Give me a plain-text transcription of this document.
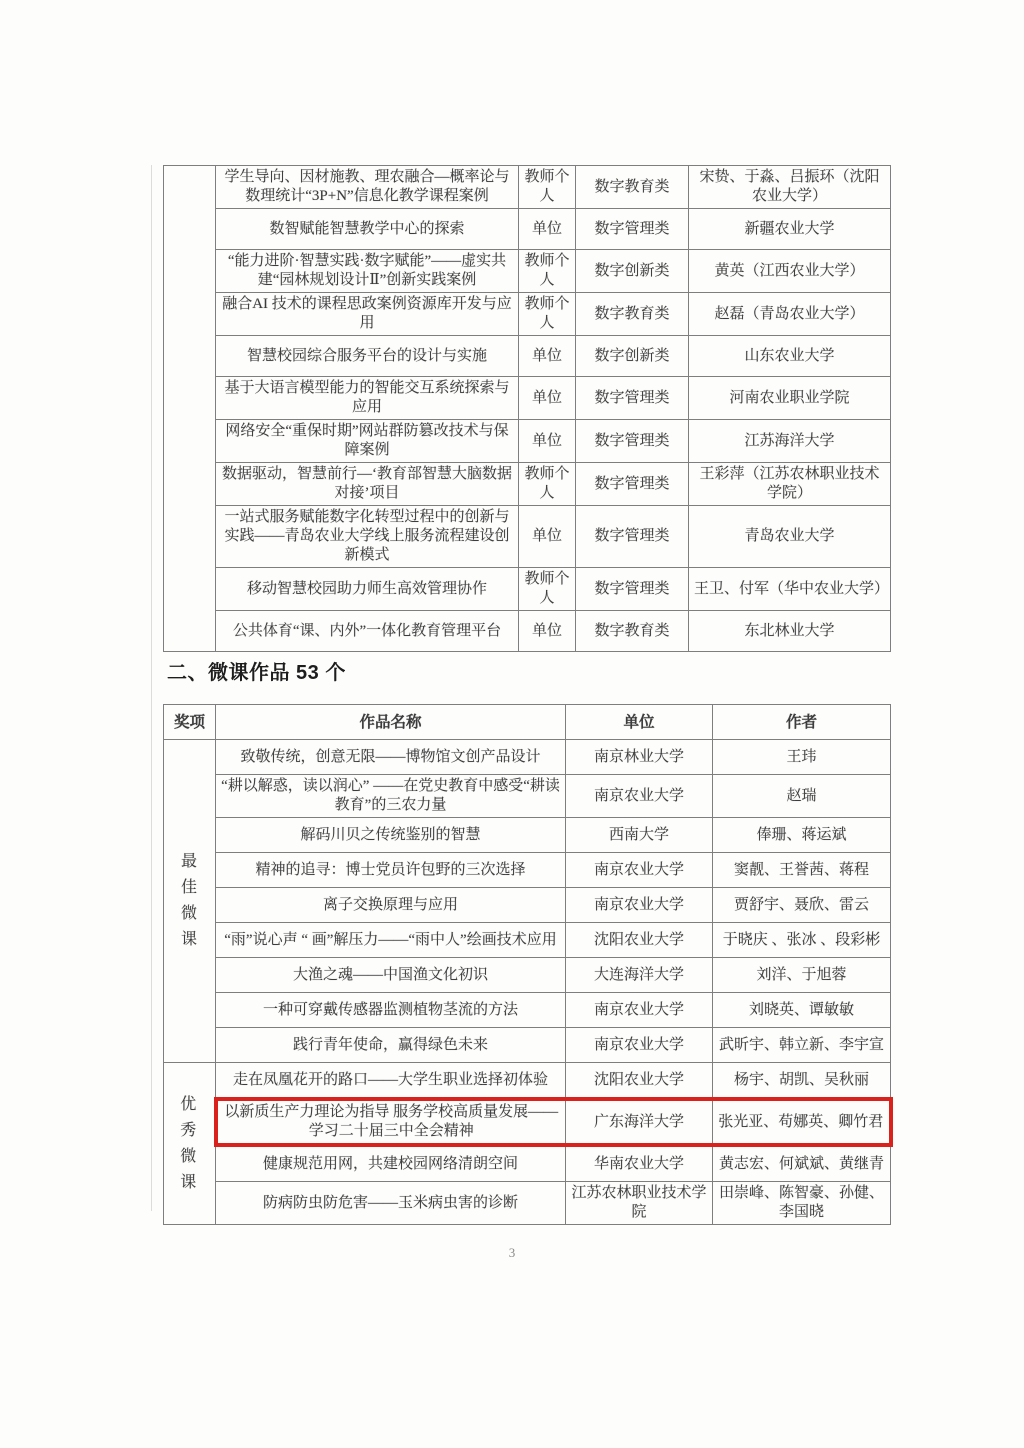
	学生导向、因材施教、理农融合—概率论与数理统计“3P+N”信息化教学课程案例	教师个人	数字教育类	宋贽、于淼、吕振环（沈阳农业大学）
	数智赋能智慧教学中心的探索	单位	数字管理类	新疆农业大学
	“能力进阶·智慧实践·数字赋能”——虚实共建“园林规划设计Ⅱ”创新实践案例	教师个人	数字创新类	黄英（江西农业大学）
	融合AI 技术的课程思政案例资源库开发与应用	教师个人	数字教育类	赵磊（青岛农业大学）
	智慧校园综合服务平台的设计与实施	单位	数字创新类	山东农业大学
	基于大语言模型能力的智能交互系统探索与应用	单位	数字管理类	河南农业职业学院
	网络安全“重保时期”网站群防篡改技术与保障案例	单位	数字管理类	江苏海洋大学
	数据驱动，智慧前行—‘教育部智慧大脑数据对接’项目	教师个人	数字管理类	王彩萍（江苏农林职业技术学院）
	一站式服务赋能数字化转型过程中的创新与实践——青岛农业大学线上服务流程建设创新模式	单位	数字管理类	青岛农业大学
	移动智慧校园助力师生高效管理协作	教师个人	数字管理类	王卫、付军（华中农业大学）
	公共体育“课、内外”一体化教育管理平台	单位	数字教育类	东北林业大学
二、微课作品 53 个
奖项	作品名称	单位	作者

最
佳
微
课	致敬传统，创意无限——博物馆文创产品设计	南京林业大学	王玮
	“耕以解惑，读以润心” ——在党史教育中感受“耕读教育”的三农力量	南京农业大学	赵瑞
	解码川贝之传统鉴别的智慧	西南大学	俸珊、蒋运斌
	精神的追寻：博士党员许包野的三次选择	南京农业大学	窦靓、王誉茜、蒋程
	离子交换原理与应用	南京农业大学	贾舒宇、聂欣、雷云
	“雨”说心声 “ 画”解压力——“雨中人”绘画技术应用	沈阳农业大学	于晓庆 、张冰 、段彩彬
	大渔之魂——中国渔文化初识	大连海洋大学	刘洋、于旭蓉
	一种可穿戴传感器监测植物茎流的方法	南京农业大学	刘晓英、谭敏敏
	践行青年使命，赢得绿色未来	南京农业大学	武昕宇、韩立新、李宇宣

优
秀
微
课	走在凤凰花开的路口——大学生职业选择初体验	沈阳农业大学	杨宇、胡凯、吴秋丽
	以新质生产力理论为指导 服务学校高质量发展——学习二十届三中全会精神	广东海洋大学	张光亚、苟娜英、卿竹君
	健康规范用网，共建校园网络清朗空间	华南农业大学	黄志宏、何斌斌、黄继青
	防病防虫防危害——玉米病虫害的诊断	江苏农林职业技术学院	田崇峰、陈智豪、孙健、李国晓
3
